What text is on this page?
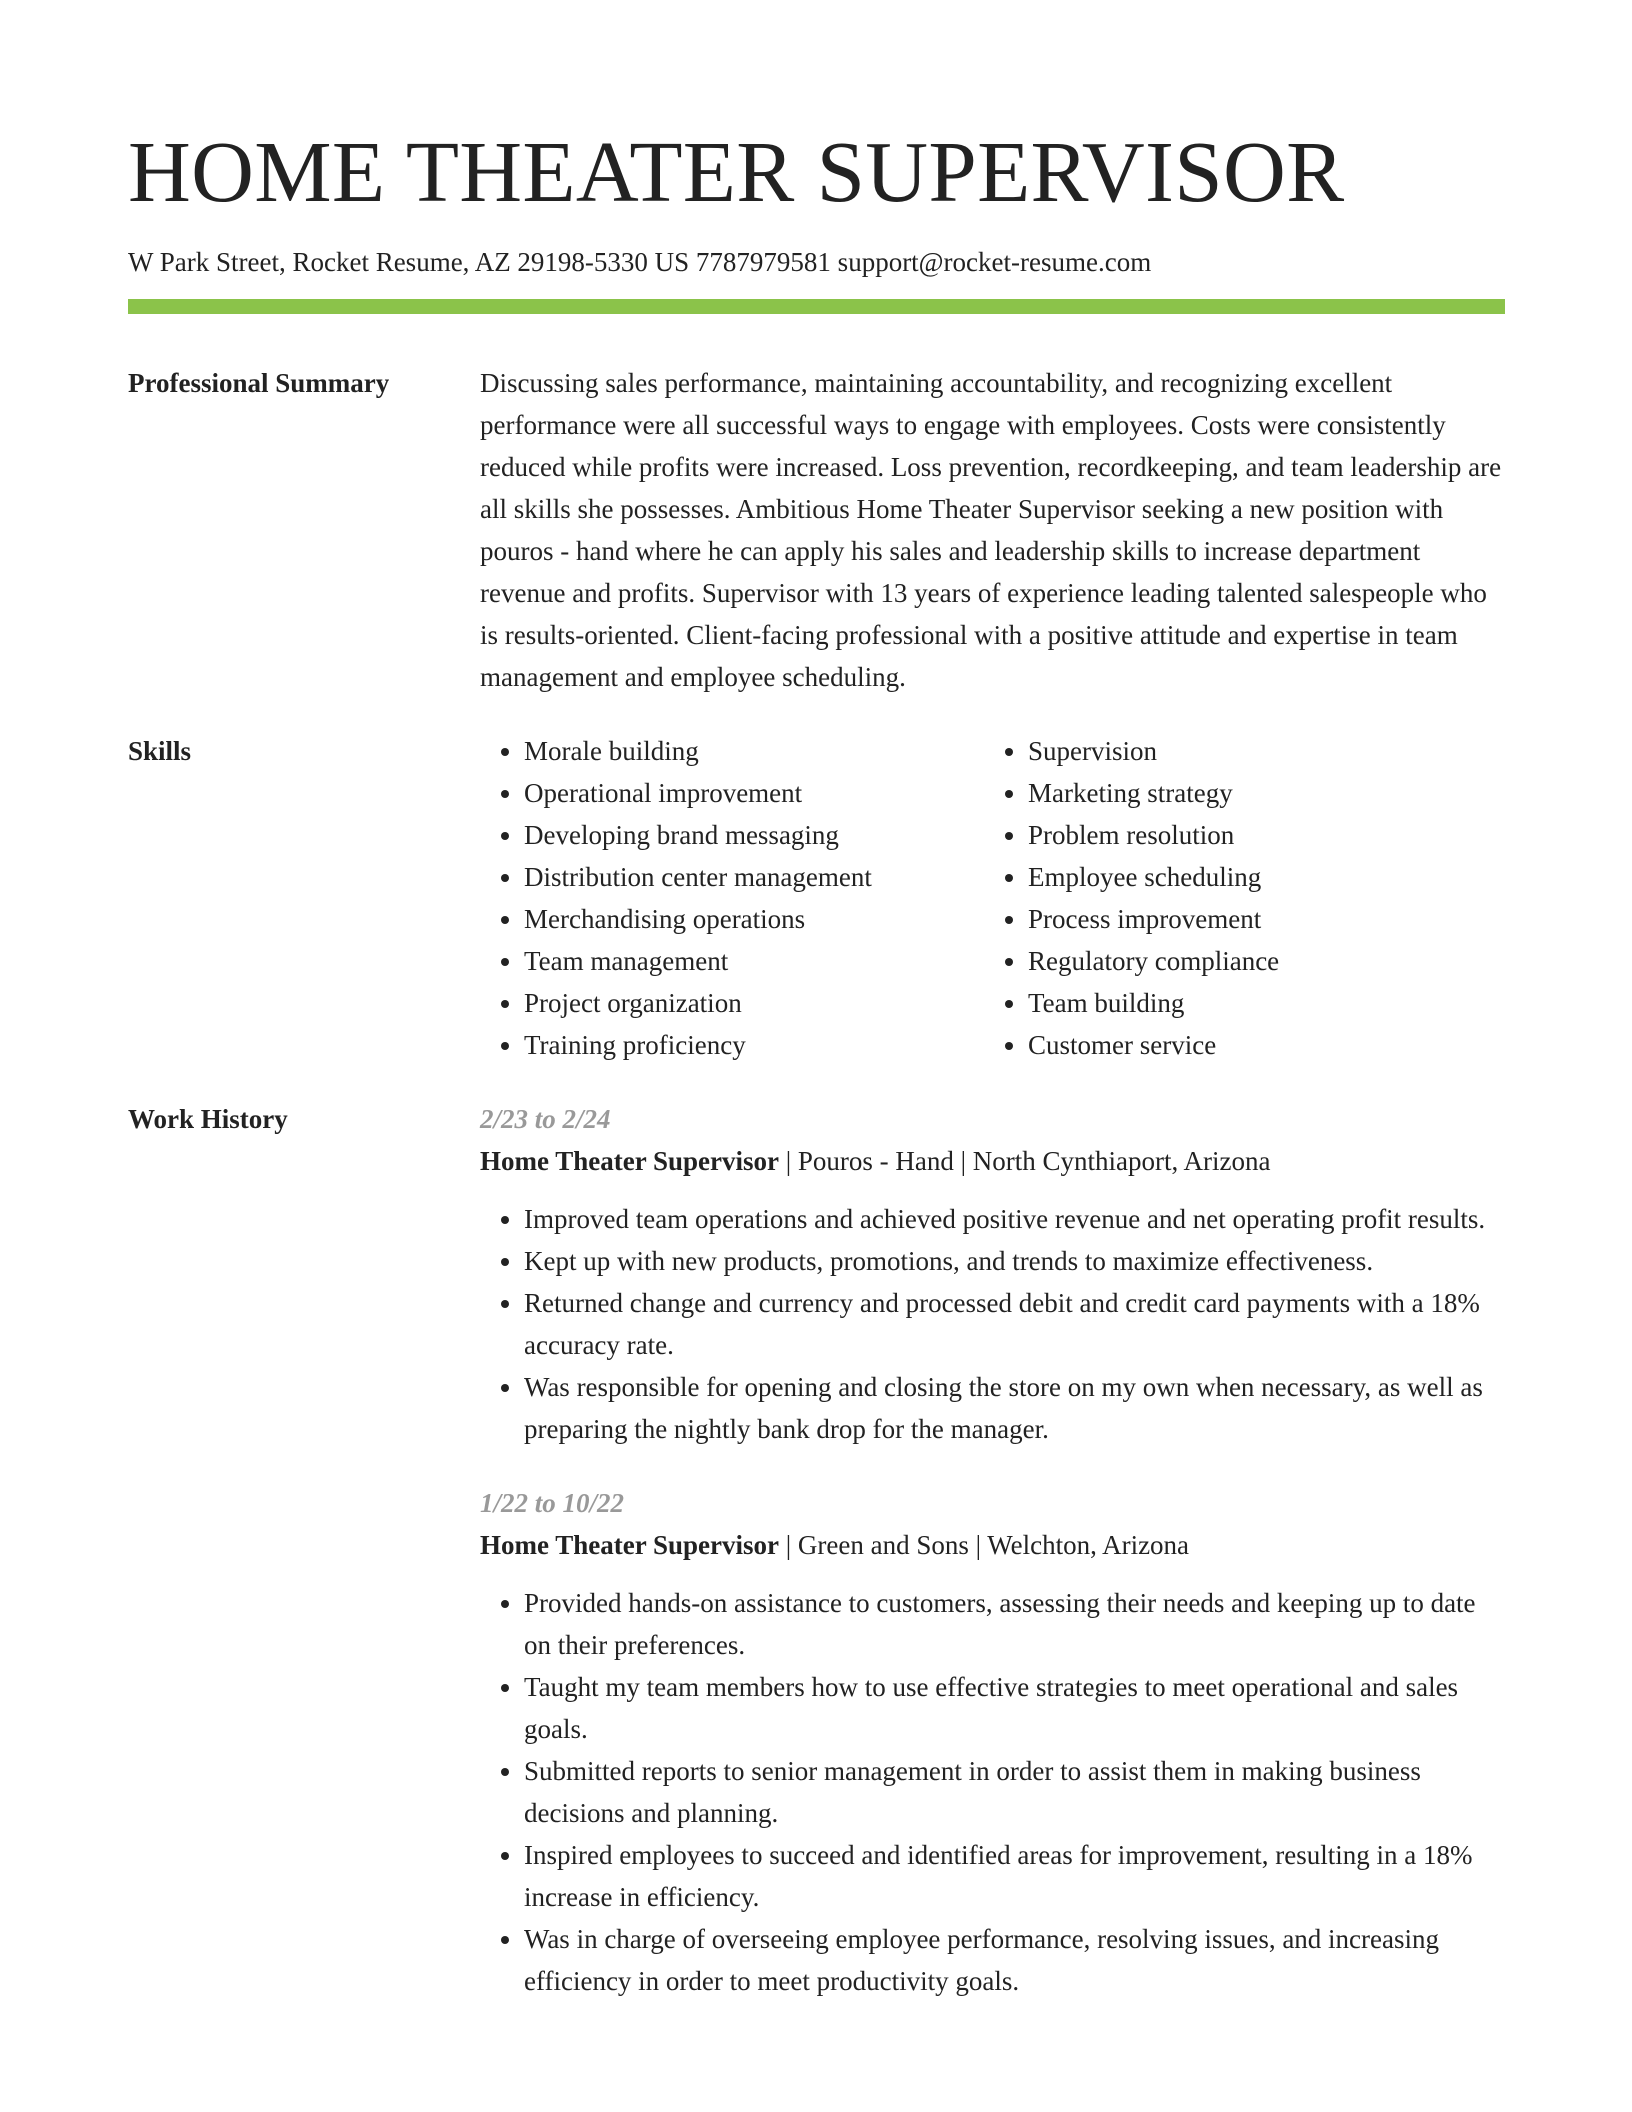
HOME THEATER SUPERVISOR
W Park Street, Rocket Resume, AZ 29198-5330 US 7787979581 support@rocket-resume.com
Professional Summary	Discussing sales performance, maintaining accountability, and recognizing excellent performance were all successful ways to engage with employees. Costs were consistently reduced while profits were increased. Loss prevention, recordkeeping, and team leadership are all skills she possesses. Ambitious Home Theater Supervisor seeking a new position with pouros - hand where he can apply his sales and leadership skills to increase department revenue and profits. Supervisor with 13 years of experience leading talented salespeople who is results-oriented. Client-facing professional with a positive attitude and expertise in team management and employee scheduling.

Skills
•	Morale building
• Operational improvement
• Developing brand messaging
• Distribution center management
• Merchandising operations
• Team management
• Project organization
• Training proficiency
• Supervision
• Marketing strategy
• Problem resolution
• Employee scheduling
• Process improvement
• Regulatory compliance
• Team building
• Customer service
Work History	2/23 to 2/24
Home Theater Supervisor | Pouros - Hand | North Cynthiaport, Arizona
• Improved team operations and achieved positive revenue and net operating profit results.
• Kept up with new products, promotions, and trends to maximize effectiveness.
• Returned change and currency and processed debit and credit card payments with a 18% accuracy rate.
• Was responsible for opening and closing the store on my own when necessary, as well as preparing the nightly bank drop for the manager.
1/22 to 10/22
Home Theater Supervisor | Green and Sons | Welchton, Arizona
• Provided hands-on assistance to customers, assessing their needs and keeping up to date on their preferences.
• Taught my team members how to use effective strategies to meet operational and sales goals.
• Submitted reports to senior management in order to assist them in making business decisions and planning.
• Inspired employees to succeed and identified areas for improvement, resulting in a 18% increase in efficiency.
• Was in charge of overseeing employee performance, resolving issues, and increasing efficiency in order to meet productivity goals.
